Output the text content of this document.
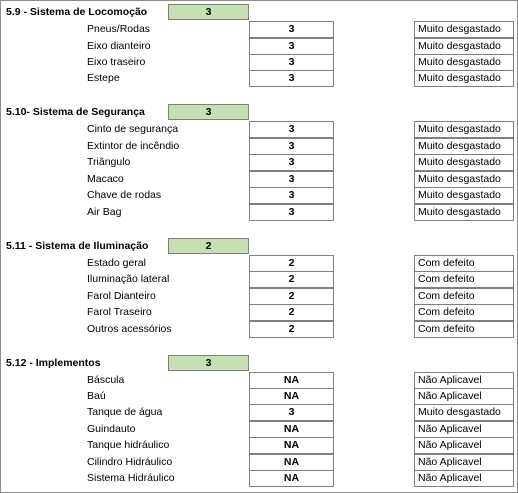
5.9 - Sistema de Locomoção	3
Pneus/Rodas	3	Muito desgastado
Eixo dianteiro	3	Muito desgastado
Eixo traseiro	3	Muito desgastado
Estepe	3	Muito desgastado
5.10- Sistema de Segurança	3
Cinto de segurança	3	Muito desgastado
Extintor de incêndio	3	Muito desgastado
Triângulo	3	Muito desgastado
Macaco	3	Muito desgastado
Chave de rodas	3	Muito desgastado
Air Bag	3	Muito desgastado
5.11 - Sistema de Iluminação	2
Estado geral	2	Com defeito
Iluminação lateral	2	Com defeito
Farol Dianteiro	2	Com defeito
Farol Traseiro	2	Com defeito
Outros acessórios	2	Com defeito
5.12 - Implementos	3
Báscula	NA	Não Aplicavel
Baú	NA	Não Aplicavel
Tanque de água	3	Muito desgastado
Guindauto	NA	Não Aplicavel
Tanque hidráulico	NA	Não Aplicavel
Cilindro Hidráulico	NA	Não Aplicavel
Sistema Hidráulico	NA	Não Aplicavel
